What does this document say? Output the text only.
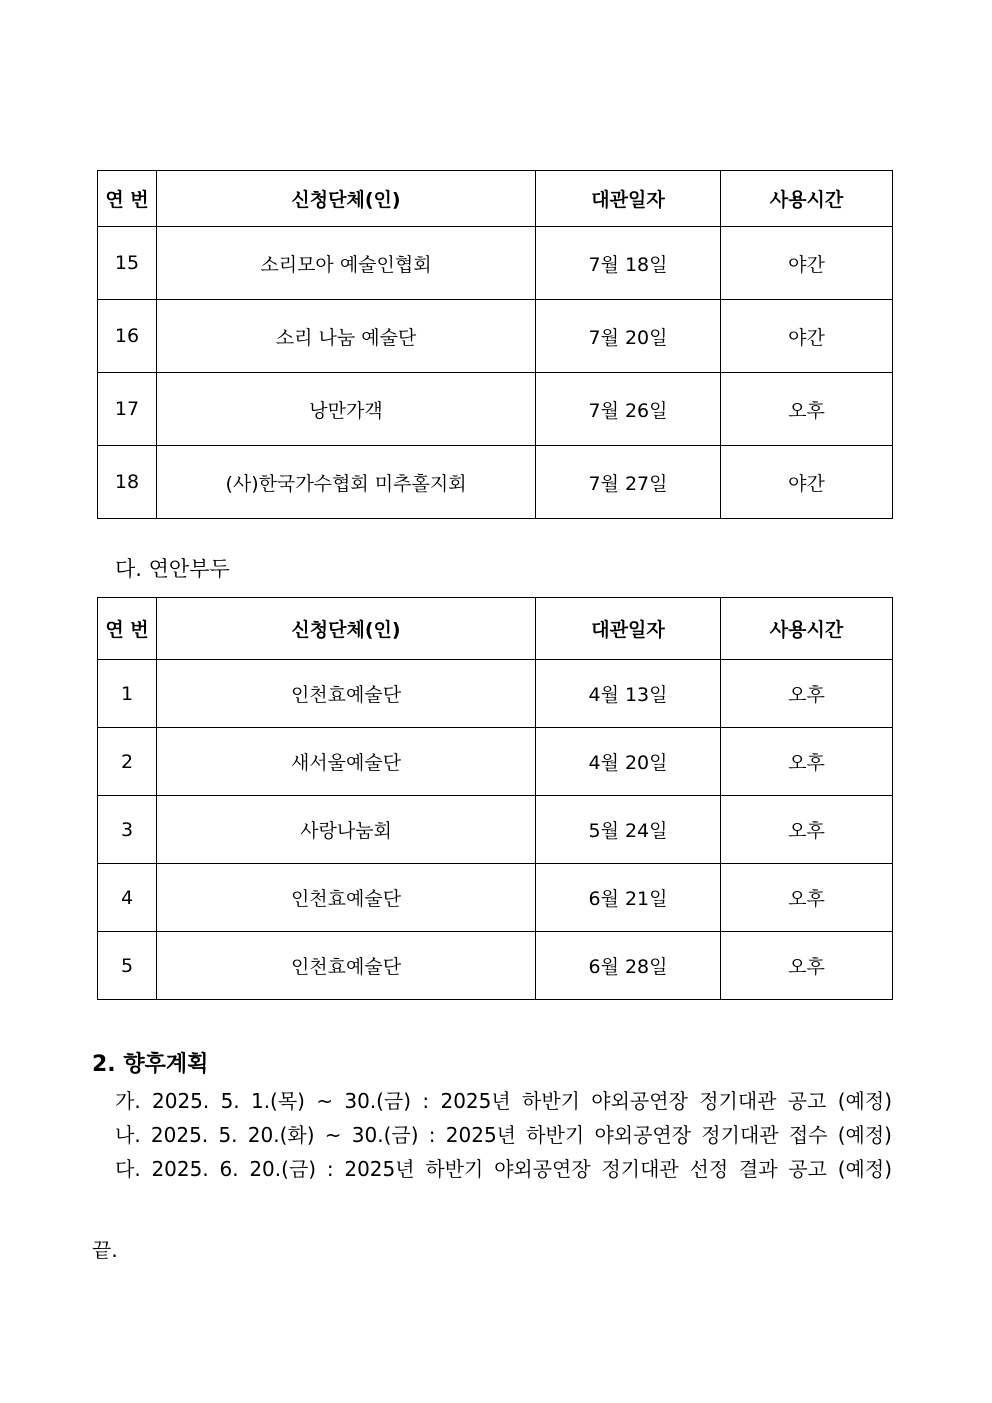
연 번	신청단체(인)	대관일자	사용시간
15	소리모아 예술인협회	7월 18일	야간
16	소리 나눔 예술단	7월 20일	야간
17	낭만가객	7월 26일	오후
18	(사)한국가수협회 미추홀지회	7월 27일	야간
다. 연안부두
연 번	신청단체(인)	대관일자	사용시간
1	인천효예술단	4월 13일	오후
2	새서울예술단	4월 20일	오후
3	사랑나눔회	5월 24일	오후
4	인천효예술단	6월 21일	오후
5	인천효예술단	6월 28일	오후
2. 향후계획
가. 2025. 5. 1.(목) ~ 30.(금) : 2025년 하반기 야외공연장 정기대관 공고 (예정)
나. 2025. 5. 20.(화) ~ 30.(금) : 2025년 하반기 야외공연장 정기대관 접수 (예정)
다. 2025. 6. 20.(금) : 2025년 하반기 야외공연장 정기대관 선정 결과 공고 (예정)
끝.
